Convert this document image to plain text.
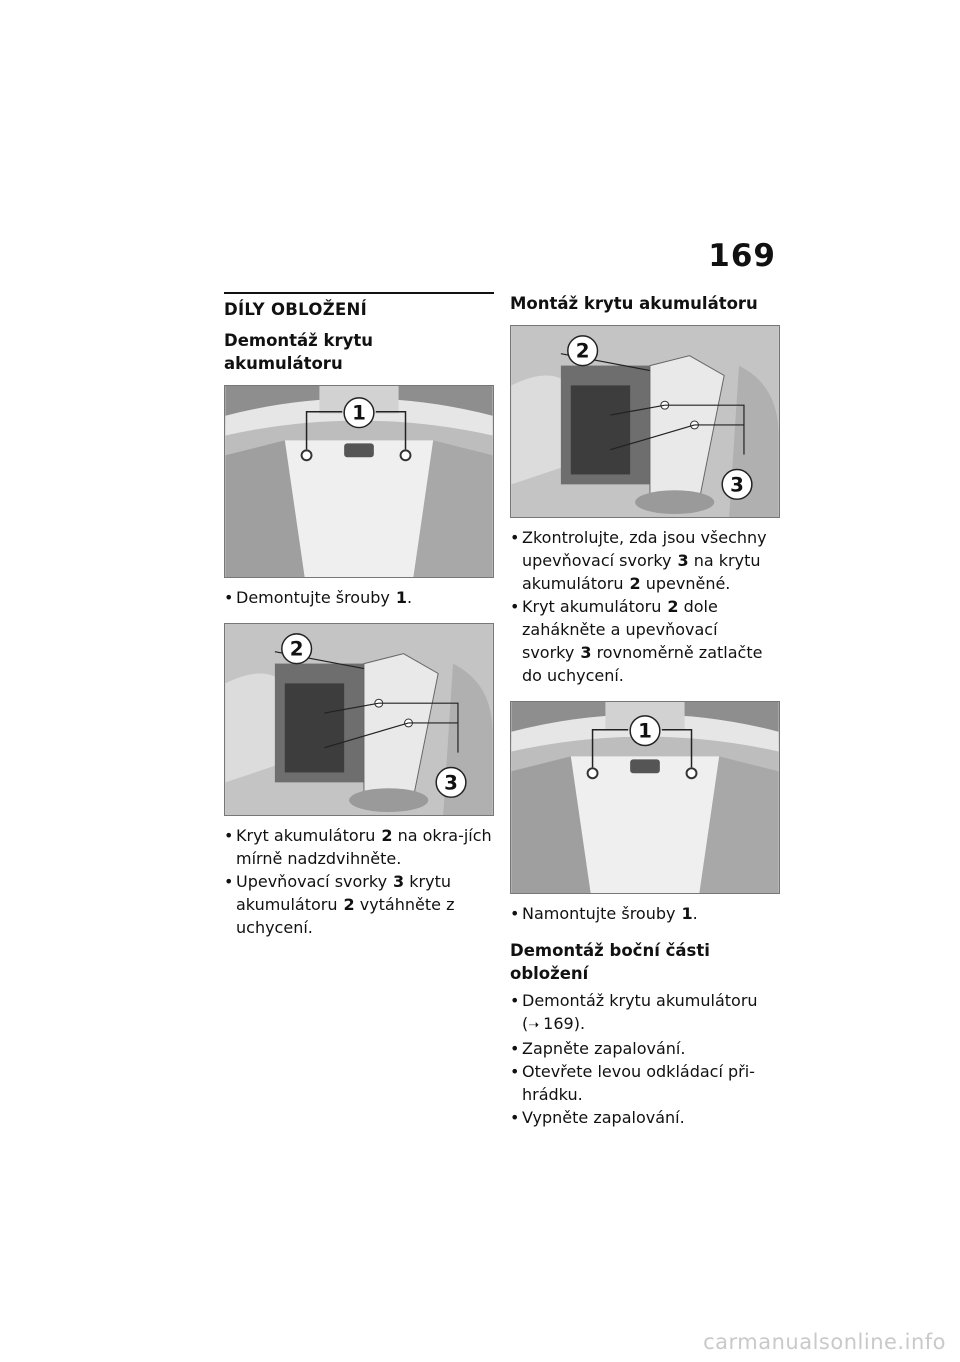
169
DÍLY OBLOŽENÍ
Demontáž krytu akumulátoru
1
• Demontujte šrouby 1.
2
3
• Kryt akumulátoru 2 na okra-jích mírně nadzdvihněte.
• Upevňovací svorky 3 krytu akumulátoru 2 vytáhněte z uchycení.
Montáž krytu akumulátoru
2
3
• Zkontrolujte, zda jsou všechny upevňovací svorky 3 na krytu akumulátoru 2 upevněné.
• Kryt akumulátoru 2 dole zahákněte a upevňovací svorky 3 rovnoměrně zatlačte do uchycení.
1
• Namontujte šrouby 1.
Demontáž boční části obložení
• Demontáž krytu akumulátoru
(➝ 169).
• Zapněte zapalování.
• Otevřete levou odkládací při-hrádku.
• Vypněte zapalování.
carmanualsonline.info
